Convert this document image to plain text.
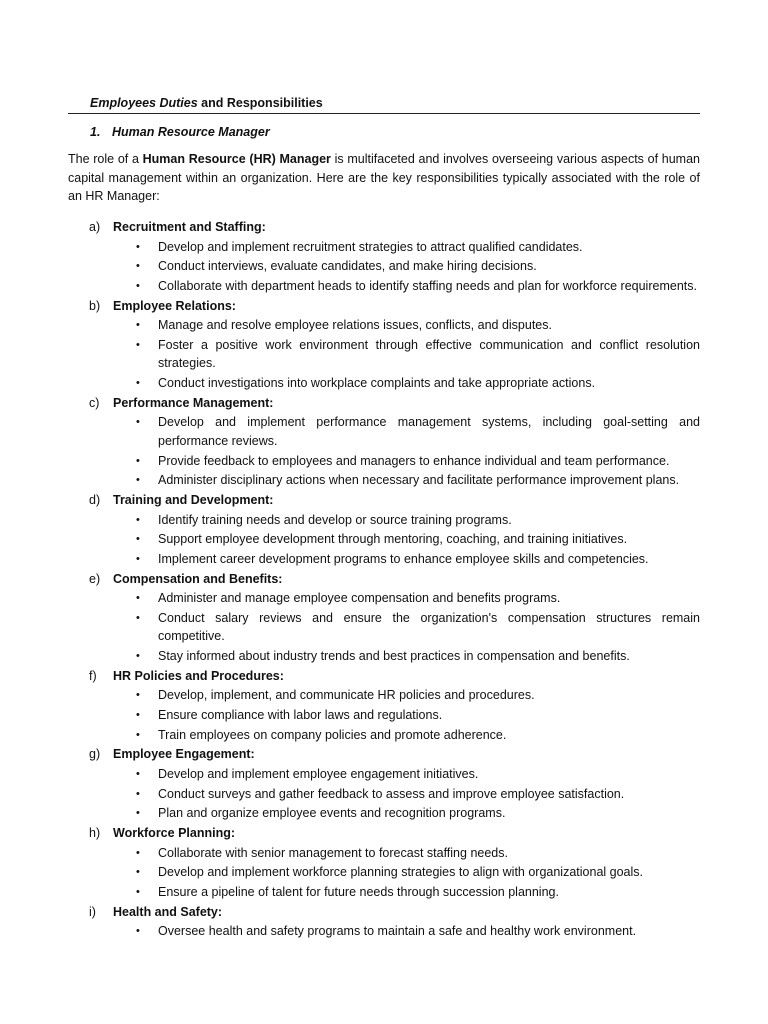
Employees Duties and Responsibilities
1. Human Resource Manager

The role of a Human Resource (HR) Manager is multifaceted and involves overseeing various aspects of human capital management within an organization. Here are the key responsibilities typically associated with the role of an HR Manager:

a) Recruitment and Staffing:
• Develop and implement recruitment strategies to attract qualified candidates.
• Conduct interviews, evaluate candidates, and make hiring decisions.
• Collaborate with department heads to identify staffing needs and plan for workforce requirements.
b) Employee Relations:
• Manage and resolve employee relations issues, conflicts, and disputes.
• Foster a positive work environment through effective communication and conflict resolution strategies.
• Conduct investigations into workplace complaints and take appropriate actions.
c) Performance Management:
• Develop and implement performance management systems, including goal-setting and performance reviews.
• Provide feedback to employees and managers to enhance individual and team performance.
• Administer disciplinary actions when necessary and facilitate performance improvement plans.
d) Training and Development:
• Identify training needs and develop or source training programs.
• Support employee development through mentoring, coaching, and training initiatives.
• Implement career development programs to enhance employee skills and competencies.
e) Compensation and Benefits:
• Administer and manage employee compensation and benefits programs.
• Conduct salary reviews and ensure the organization's compensation structures remain competitive.
• Stay informed about industry trends and best practices in compensation and benefits.
f) HR Policies and Procedures:
• Develop, implement, and communicate HR policies and procedures.
• Ensure compliance with labor laws and regulations.
• Train employees on company policies and promote adherence.
g) Employee Engagement:
• Develop and implement employee engagement initiatives.
• Conduct surveys and gather feedback to assess and improve employee satisfaction.
• Plan and organize employee events and recognition programs.
h) Workforce Planning:
• Collaborate with senior management to forecast staffing needs.
• Develop and implement workforce planning strategies to align with organizational goals.
• Ensure a pipeline of talent for future needs through succession planning.
i) Health and Safety:
• Oversee health and safety programs to maintain a safe and healthy work environment.
